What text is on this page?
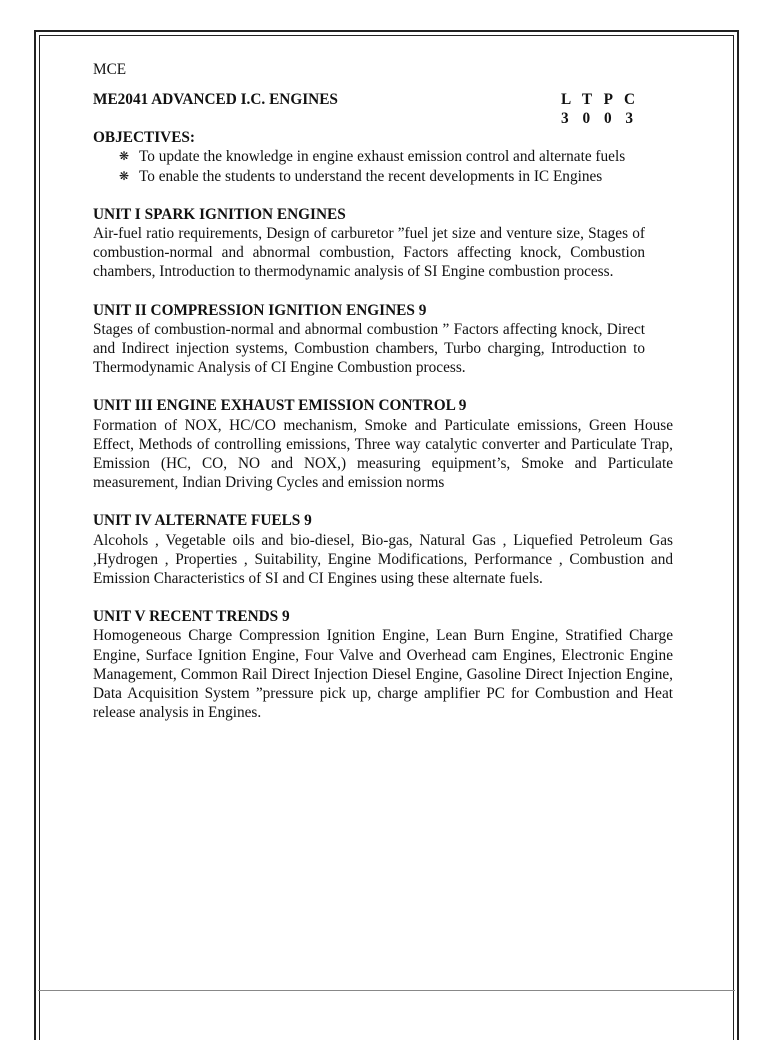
MCE
ME2041 ADVANCED I.C. ENGINES	L T P C
3 0 0 3
OBJECTIVES:
❋ To update the knowledge in engine exhaust emission control and alternate fuels
❋ To enable the students to understand the recent developments in IC Engines
UNIT I SPARK IGNITION ENGINES
Air-fuel ratio requirements, Design of carburetor ”fuel jet size and venture size, Stages of combustion-normal and abnormal combustion, Factors affecting knock, Combustion chambers, Introduction to thermodynamic analysis of SI Engine combustion process.
UNIT II COMPRESSION IGNITION ENGINES 9
Stages of combustion-normal and abnormal combustion ” Factors affecting knock, Direct and Indirect injection systems, Combustion chambers, Turbo charging, Introduction to Thermodynamic Analysis of CI Engine Combustion process.
UNIT III ENGINE EXHAUST EMISSION CONTROL 9
Formation of NOX, HC/CO mechanism, Smoke and Particulate emissions, Green House Effect, Methods of controlling emissions, Three way catalytic converter and Particulate Trap, Emission (HC, CO, NO and NOX,) measuring equipment’s, Smoke and Particulate measurement, Indian Driving Cycles and emission norms
UNIT IV ALTERNATE FUELS 9
Alcohols , Vegetable oils and bio-diesel, Bio-gas, Natural Gas , Liquefied Petroleum Gas ,Hydrogen , Properties , Suitability, Engine Modifications, Performance , Combustion and Emission Characteristics of SI and CI Engines using these alternate fuels.
UNIT V RECENT TRENDS 9
Homogeneous Charge Compression Ignition Engine, Lean Burn Engine, Stratified Charge Engine, Surface Ignition Engine, Four Valve and Overhead cam Engines, Electronic Engine Management, Common Rail Direct Injection Diesel Engine, Gasoline Direct Injection Engine, Data Acquisition System ”pressure pick up, charge amplifier PC for Combustion and Heat release analysis in Engines.
